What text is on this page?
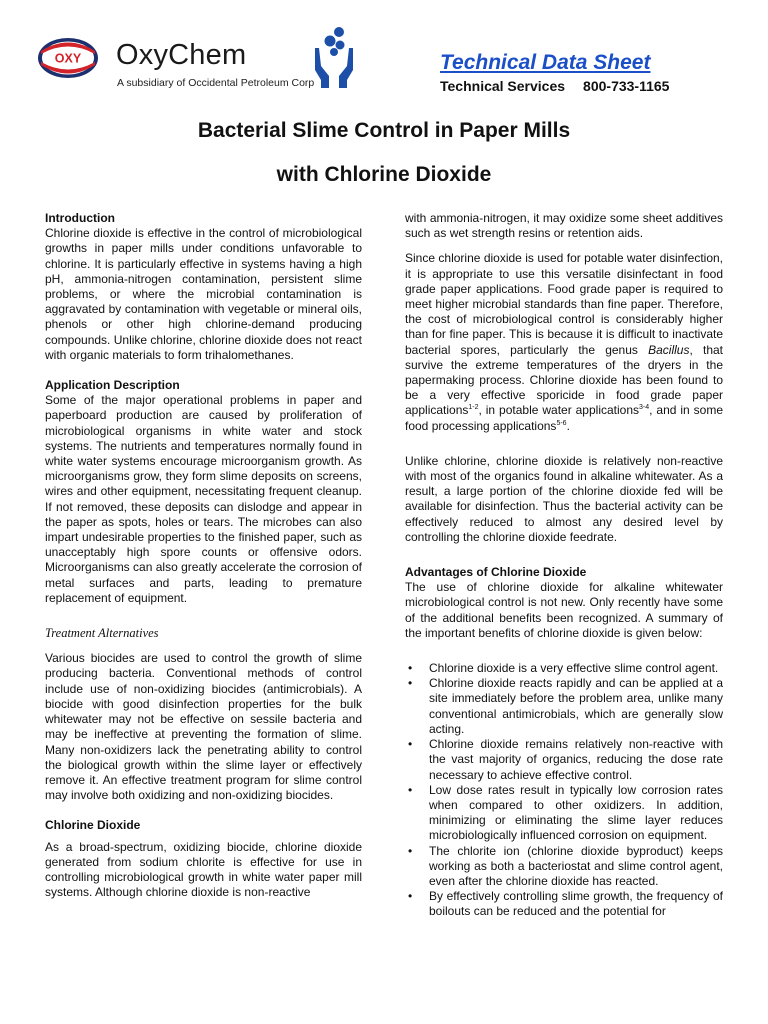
OXY OxyChem
A subsidiary of Occidental Petroleum Corp
Technical Data Sheet
Technical Services 800-733-1165
Bacterial Slime Control in Paper Mills
with Chlorine Dioxide
Introduction

Chlorine dioxide is effective in the control of microbiological growths in paper mills under conditions unfavorable to chlorine. It is particularly effective in systems having a high pH, ammonia-nitrogen contamination, persistent slime problems, or where the microbial contamination is aggravated by contamination with vegetable or mineral oils, phenols or other high chlorine-demand producing compounds. Unlike chlorine, chlorine dioxide does not react with organic materials to form trihalomethanes.

Application Description

Some of the major operational problems in paper and paperboard production are caused by proliferation of microbiological organisms in white water and stock systems. The nutrients and temperatures normally found in white water systems encourage microorganism growth. As microorganisms grow, they form slime deposits on screens, wires and other equipment, necessitating frequent cleanup. If not removed, these deposits can dislodge and appear in the paper as spots, holes or tears. The microbes can also impart undesirable properties to the finished paper, such as unacceptably high spore counts or offensive odors. Microorganisms can also greatly accelerate the corrosion of metal surfaces and parts, leading to premature replacement of equipment.

Treatment Alternatives

Various biocides are used to control the growth of slime producing bacteria. Conventional methods of control include use of non-oxidizing biocides (antimicrobials). A biocide with good disinfection properties for the bulk whitewater may not be effective on sessile bacteria and may be ineffective at preventing the formation of slime. Many non-oxidizers lack the penetrating ability to control the biological growth within the slime layer or effectively remove it. An effective treatment program for slime control may involve both oxidizing and non-oxidizing biocides.

Chlorine Dioxide

As a broad-spectrum, oxidizing biocide, chlorine dioxide generated from sodium chlorite is effective for use in controlling microbiological growth in white water paper mill systems. Although chlorine dioxide is non-reactive

with ammonia-nitrogen, it may oxidize some sheet additives such as wet strength resins or retention aids.

Since chlorine dioxide is used for potable water disinfection, it is appropriate to use this versatile disinfectant in food grade paper applications. Food grade paper is required to meet higher microbial standards than fine paper. Therefore, the cost of microbiological control is considerably higher than for fine paper. This is because it is difficult to inactivate bacterial spores, particularly the genus Bacillus, that survive the extreme temperatures of the dryers in the papermaking process. Chlorine dioxide has been found to be a very effective sporicide in food grade paper applications$^{1-2}$, in potable water applications$^{3-4}$, and in some food processing applications$^{5-6}$.

Unlike chlorine, chlorine dioxide is relatively non-reactive with most of the organics found in alkaline whitewater. As a result, a large portion of the chlorine dioxide fed will be available for disinfection. Thus the bacterial activity can be effectively reduced to almost any desired level by controlling the chlorine dioxide feedrate.

Advantages of Chlorine Dioxide

The use of chlorine dioxide for alkaline whitewater microbiological control is not new. Only recently have some of the additional benefits been recognized. A summary of the important benefits of chlorine dioxide is given below:

• Chlorine dioxide is a very effective slime control agent.
• Chlorine dioxide reacts rapidly and can be applied at a site immediately before the problem area, unlike many conventional antimicrobials, which are generally slow acting.
• Chlorine dioxide remains relatively non-reactive with the vast majority of organics, reducing the dose rate necessary to achieve effective control.
• Low dose rates result in typically low corrosion rates when compared to other oxidizers. In addition, minimizing or eliminating the slime layer reduces microbiologically influenced corrosion on equipment.
• The chlorite ion (chlorine dioxide byproduct) keeps working as both a bacteriostat and slime control agent, even after the chlorine dioxide has reacted.
• By effectively controlling slime growth, the frequency of boilouts can be reduced and the potential for
